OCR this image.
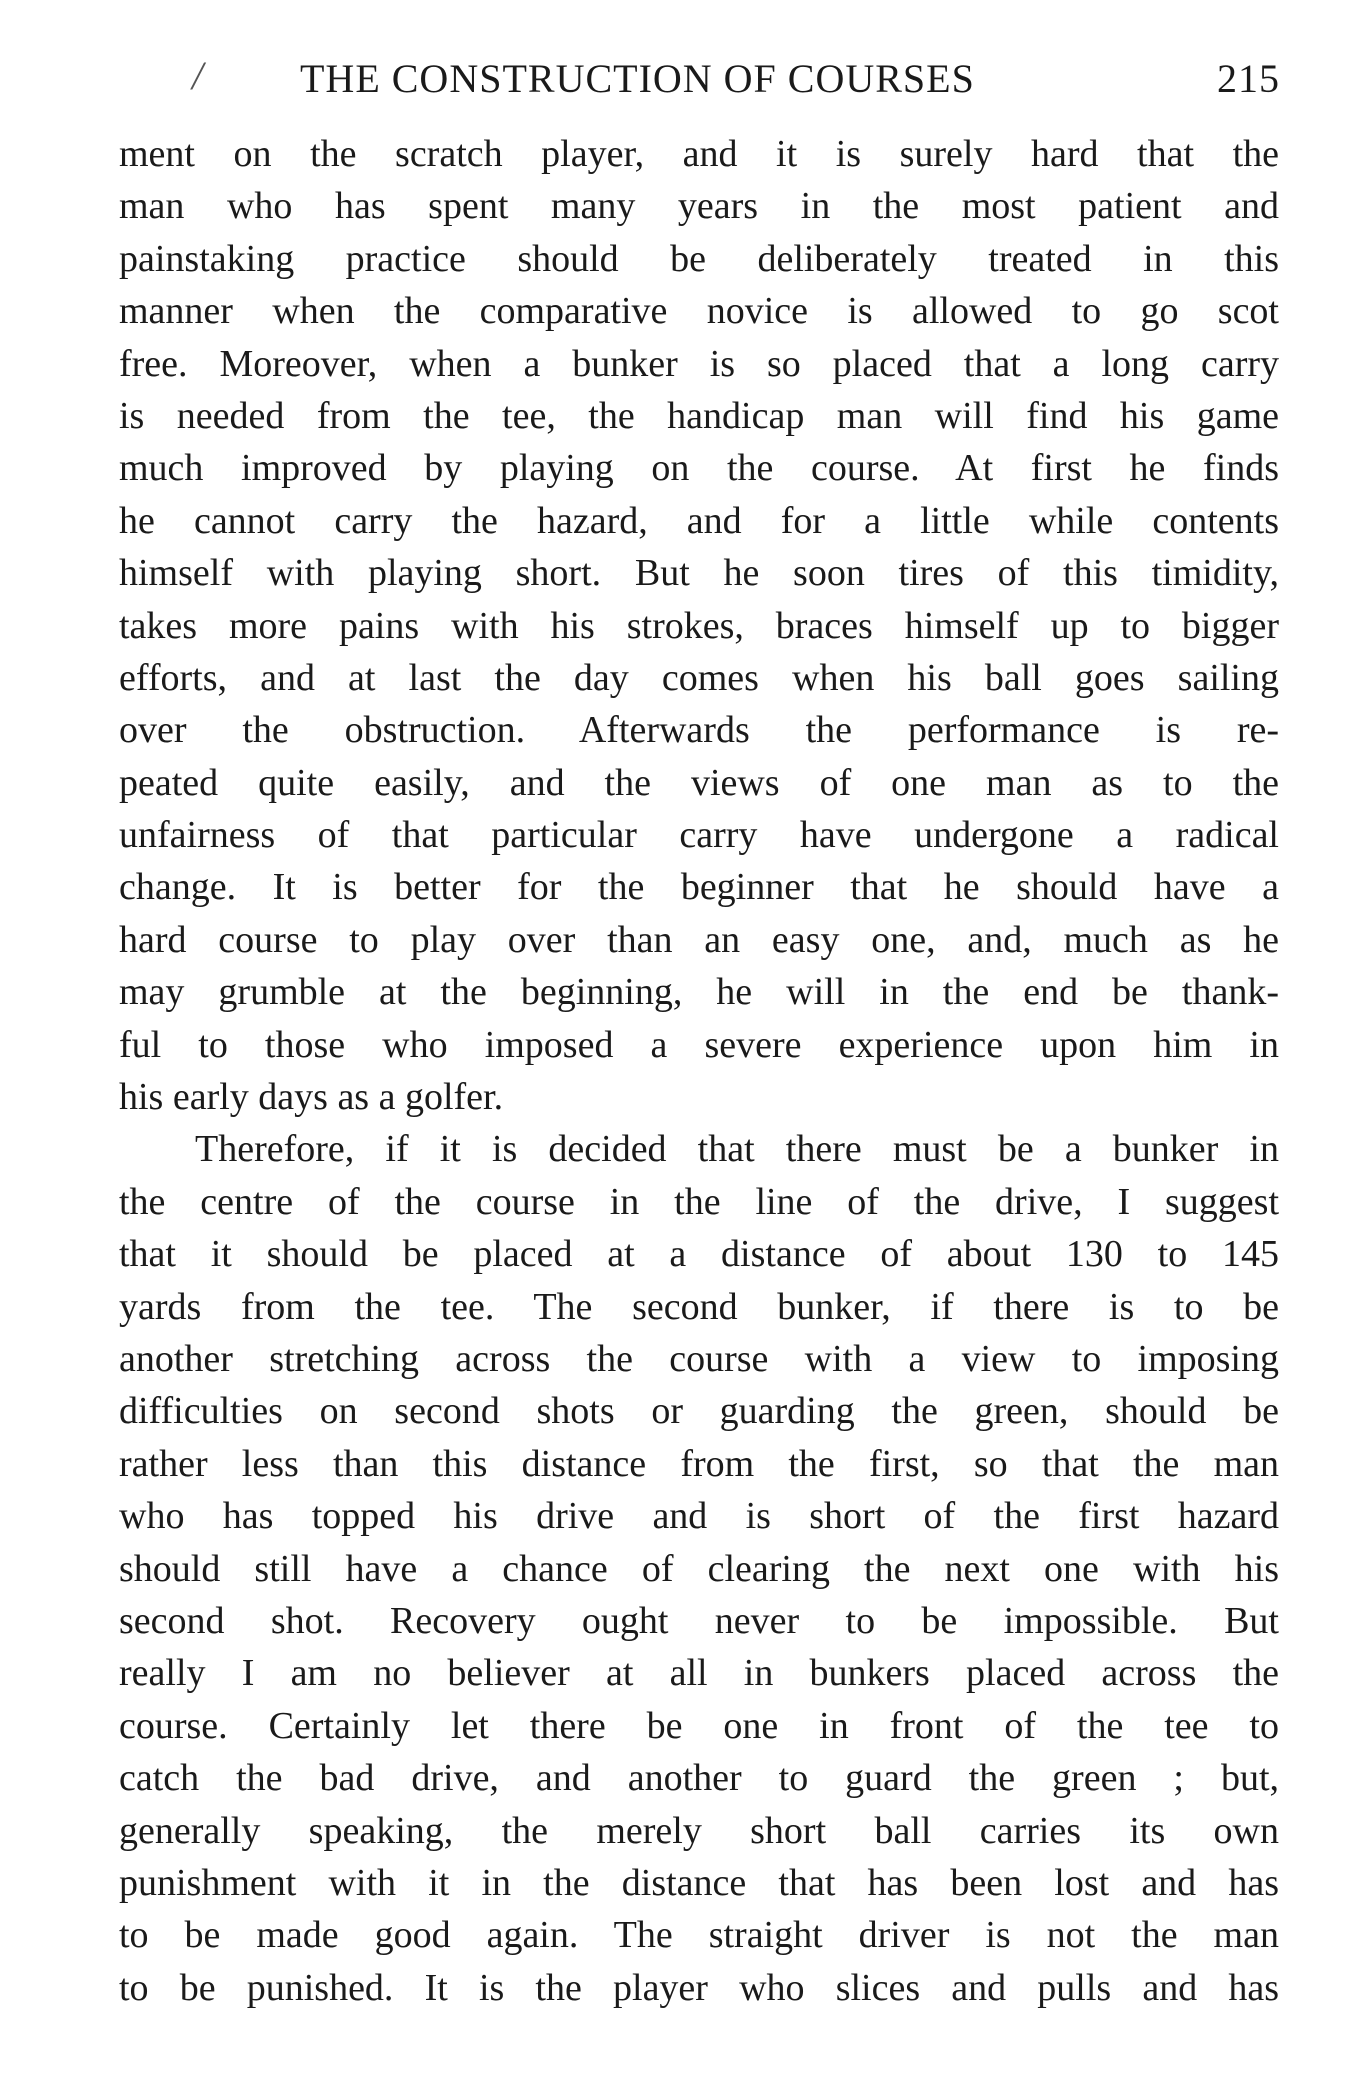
/ THE CONSTRUCTION OF COURSES	215
ment on the scratch player, and it is surely hard that the
man who has spent many years in the most patient and
painstaking practice should be deliberately treated in this
manner when the comparative novice is allowed to go scot
free. Moreover, when a bunker is so placed that a long carry
is needed from the tee, the handicap man will find his game
much improved by playing on the course. At first he finds
he cannot carry the hazard, and for a little while contents
himself with playing short. But he soon tires of this timidity,
takes more pains with his strokes, braces himself up to bigger
efforts, and at last the day comes when his ball goes sailing
over the obstruction. Afterwards the performance is re-
peated quite easily, and the views of one man as to the
unfairness of that particular carry have undergone a radical
change. It is better for the beginner that he should have a
hard course to play over than an easy one, and, much as he
may grumble at the beginning, he will in the end be thank-
ful to those who imposed a severe experience upon him in
his early days as a golfer.
Therefore, if it is decided that there must be a bunker in
the centre of the course in the line of the drive, I suggest
that it should be placed at a distance of about 130 to 145
yards from the tee. The second bunker, if there is to be
another stretching across the course with a view to imposing
difficulties on second shots or guarding the green, should be
rather less than this distance from the first, so that the man
who has topped his drive and is short of the first hazard
should still have a chance of clearing the next one with his
second shot. Recovery ought never to be impossible. But
really I am no believer at all in bunkers placed across the
course. Certainly let there be one in front of the tee to
catch the bad drive, and another to guard the green ; but,
generally speaking, the merely short ball carries its own
punishment with it in the distance that has been lost and has
to be made good again. The straight driver is not the man
to be punished. It is the player who slices and pulls and has
